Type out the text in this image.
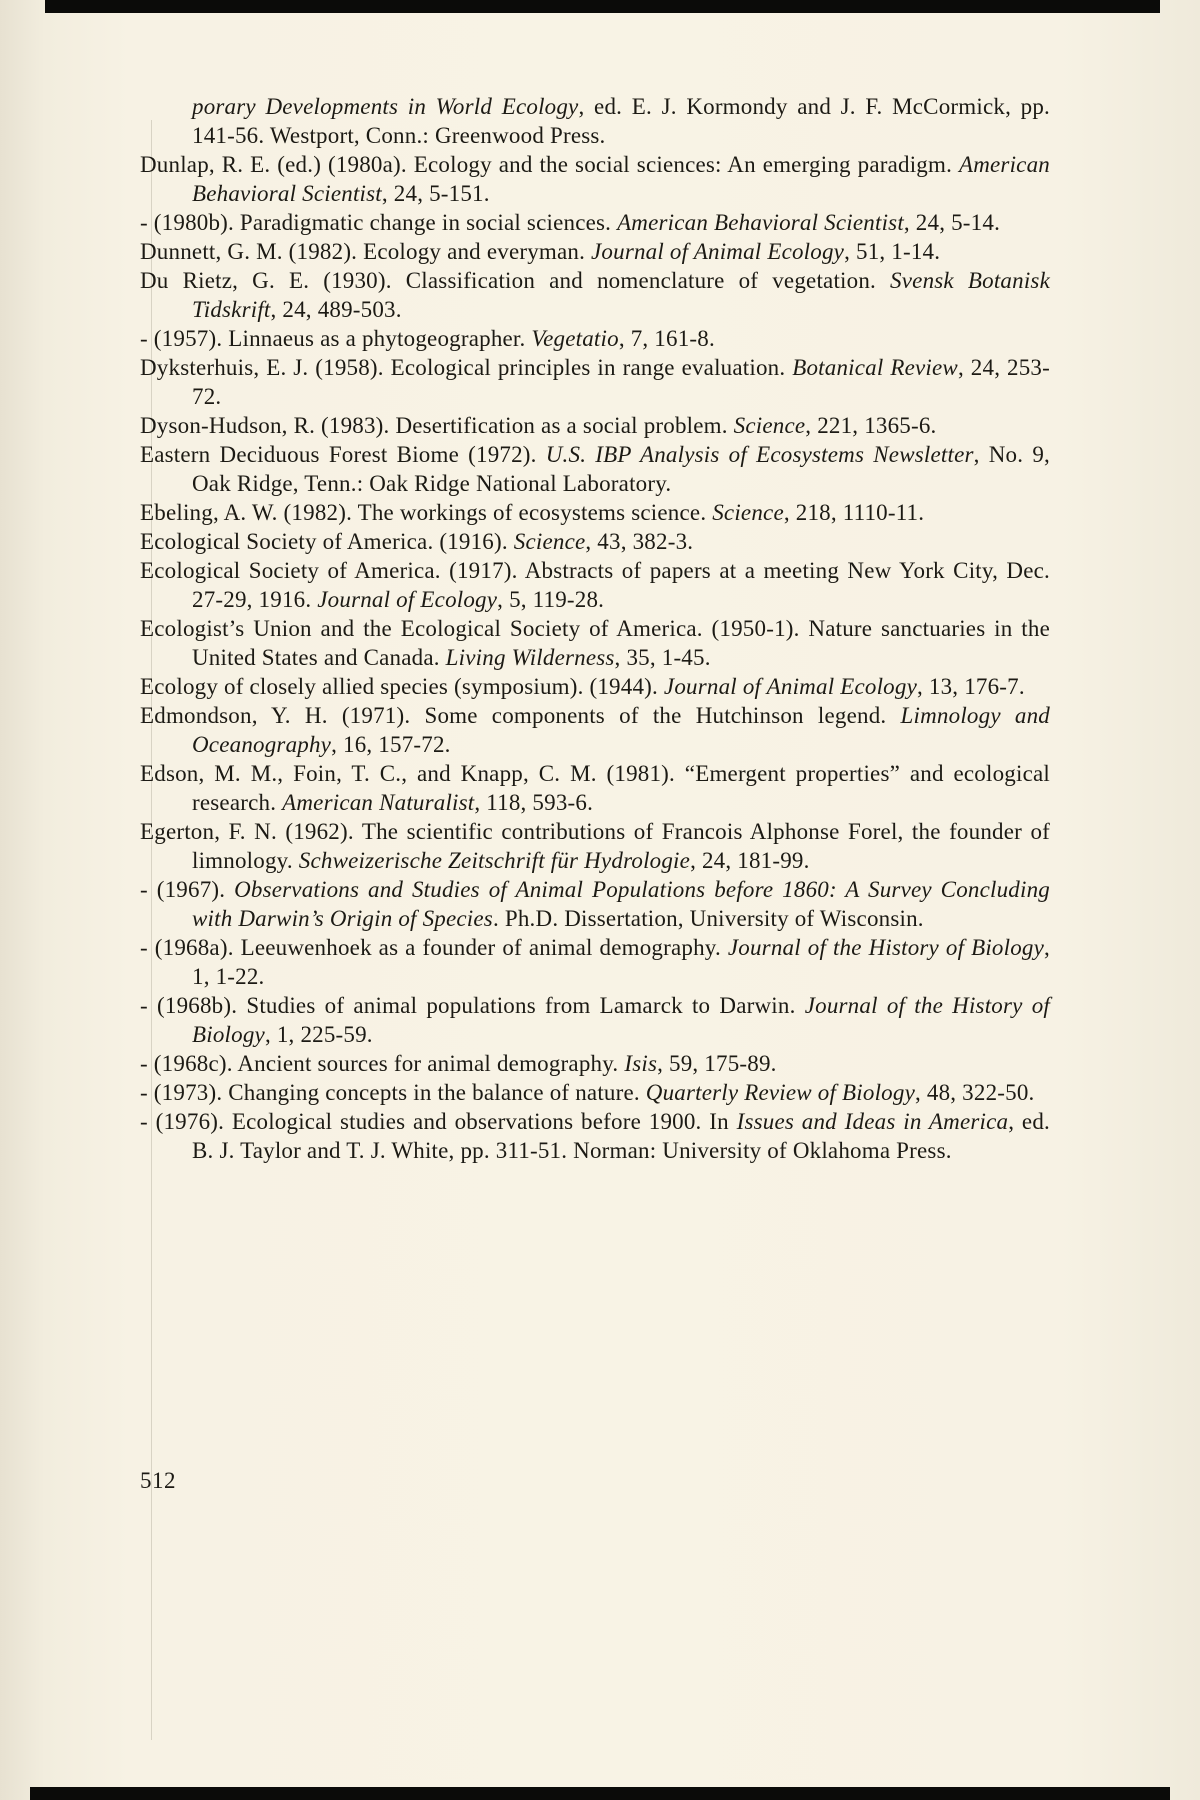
porary Developments in World Ecology, ed. E. J. Kormondy and J. F. McCormick, pp. 141-56. Westport, Conn.: Greenwood Press.

Dunlap, R. E. (ed.) (1980a). Ecology and the social sciences: An emerging paradigm. American Behavioral Scientist, 24, 5-151.

- (1980b). Paradigmatic change in social sciences. American Behavioral Scientist, 24, 5-14.

Dunnett, G. M. (1982). Ecology and everyman. Journal of Animal Ecology, 51, 1-14.

Du Rietz, G. E. (1930). Classification and nomenclature of vegetation. Svensk Botanisk Tidskrift, 24, 489-503.

- (1957). Linnaeus as a phytogeographer. Vegetatio, 7, 161-8.

Dyksterhuis, E. J. (1958). Ecological principles in range evaluation. Botanical Review, 24, 253-72.

Dyson-Hudson, R. (1983). Desertification as a social problem. Science, 221, 1365-6.

Eastern Deciduous Forest Biome (1972). U.S. IBP Analysis of Ecosystems Newsletter, No. 9, Oak Ridge, Tenn.: Oak Ridge National Laboratory.

Ebeling, A. W. (1982). The workings of ecosystems science. Science, 218, 1110-11.

Ecological Society of America. (1916). Science, 43, 382-3.

Ecological Society of America. (1917). Abstracts of papers at a meeting New York City, Dec. 27-29, 1916. Journal of Ecology, 5, 119-28.

Ecologist’s Union and the Ecological Society of America. (1950-1). Nature sanctuaries in the United States and Canada. Living Wilderness, 35, 1-45.

Ecology of closely allied species (symposium). (1944). Journal of Animal Ecology, 13, 176-7.

Edmondson, Y. H. (1971). Some components of the Hutchinson legend. Limnology and Oceanography, 16, 157-72.

Edson, M. M., Foin, T. C., and Knapp, C. M. (1981). “Emergent properties” and ecological research. American Naturalist, 118, 593-6.

Egerton, F. N. (1962). The scientific contributions of Francois Alphonse Forel, the founder of limnology. Schweizerische Zeitschrift für Hydrologie, 24, 181-99.

- (1967). Observations and Studies of Animal Populations before 1860: A Survey Concluding with Darwin’s Origin of Species. Ph.D. Dissertation, University of Wisconsin.

- (1968a). Leeuwenhoek as a founder of animal demography. Journal of the History of Biology, 1, 1-22.

- (1968b). Studies of animal populations from Lamarck to Darwin. Journal of the History of Biology, 1, 225-59.

- (1968c). Ancient sources for animal demography. Isis, 59, 175-89.

- (1973). Changing concepts in the balance of nature. Quarterly Review of Biology, 48, 322-50.

- (1976). Ecological studies and observations before 1900. In Issues and Ideas in America, ed. B. J. Taylor and T. J. White, pp. 311-51. Norman: University of Oklahoma Press.

512
